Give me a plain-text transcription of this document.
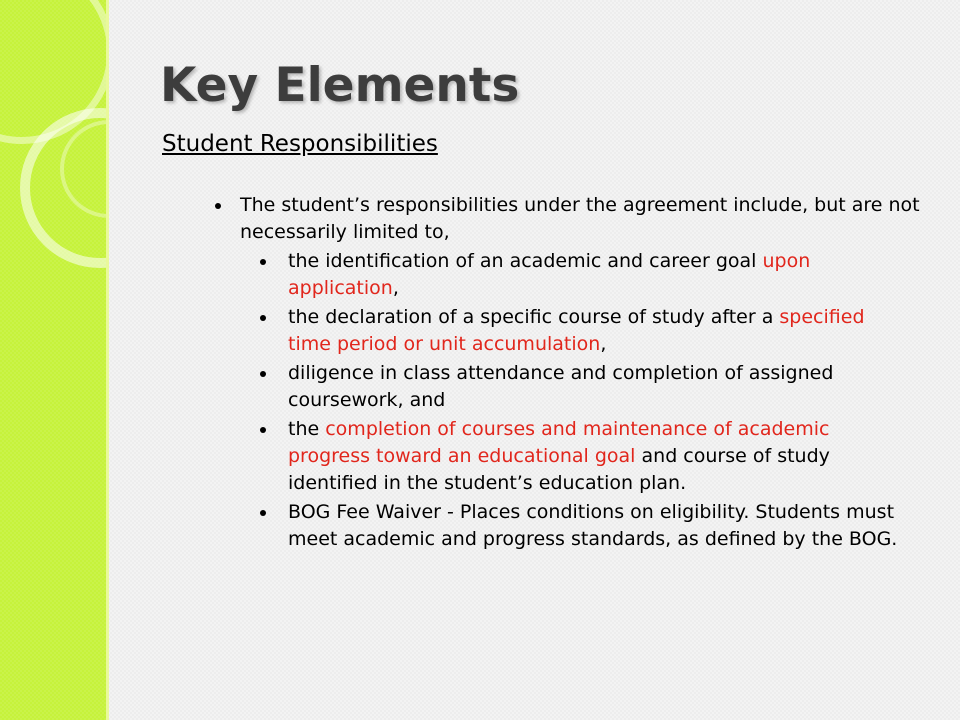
Key Elements
Student Responsibilities
The student’s responsibilities under the agreement include, but are not necessarily limited to,
the identification of an academic and career goal upon application,
the declaration of a specific course of study after a specified time period or unit accumulation,
diligence in class attendance and completion of assigned coursework, and
the completion of courses and maintenance of academic progress toward an educational goal and course of study identified in the student’s education plan.
BOG Fee Waiver - Places conditions on eligibility. Students must meet academic and progress standards, as defined by the BOG.
